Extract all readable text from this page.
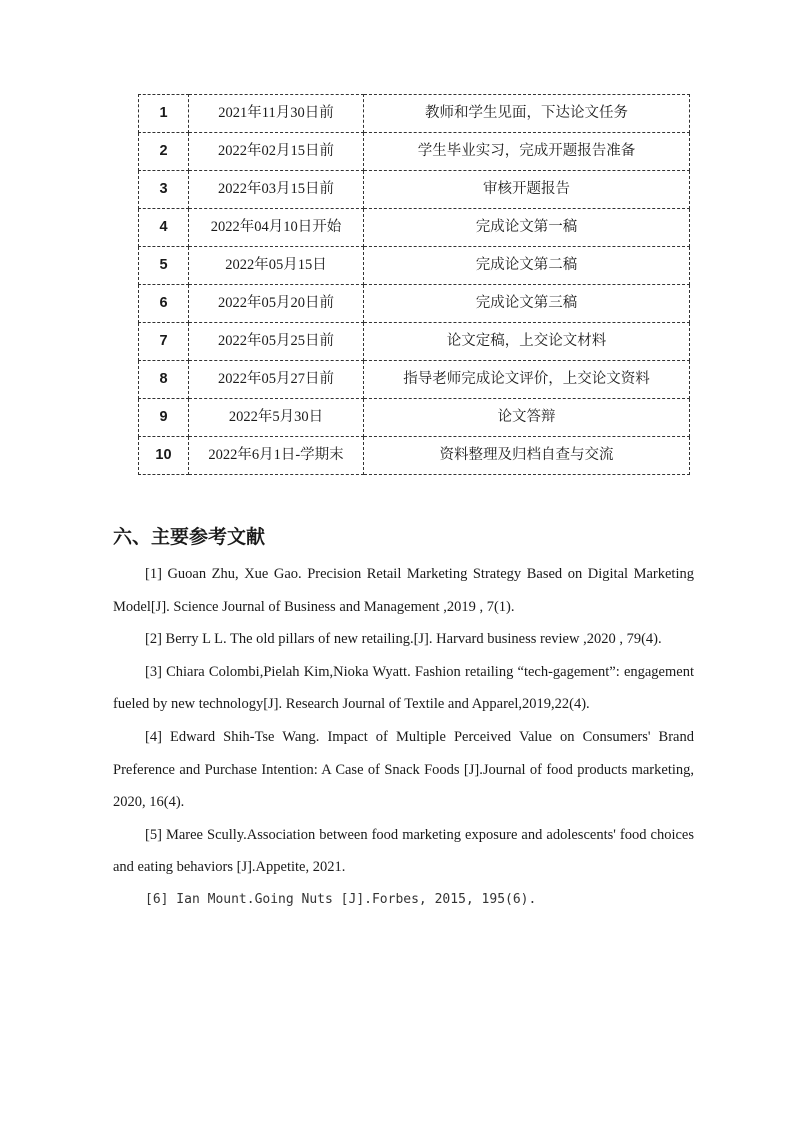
1	2021年11月30日前	教师和学生见面，下达论文任务
2	2022年02月15日前	学生毕业实习，完成开题报告准备
3	2022年03月15日前	审核开题报告
4	2022年04月10日开始	完成论文第一稿
5	2022年05月15日	完成论文第二稿
6	2022年05月20日前	完成论文第三稿
7	2022年05月25日前	论文定稿，上交论文材料
8	2022年05月27日前	指导老师完成论文评价，上交论文资料
9	2022年5月30日	论文答辩
10	2022年6月1日-学期末	资料整理及归档自查与交流
六、主要参考文献

[1] Guoan Zhu, Xue Gao. Precision Retail Marketing Strategy Based on Digital Marketing Model[J]. Science Journal of Business and Management ,2019 , 7(1).

[2] Berry L L. The old pillars of new retailing.[J]. Harvard business review ,2020 , 79(4).

[3] Chiara Colombi,Pielah Kim,Nioka Wyatt. Fashion retailing “tech-gagement”: engagement fueled by new technology[J]. Research Journal of Textile and Apparel,2019,22(4).

[4] Edward Shih-Tse Wang. Impact of Multiple Perceived Value on Consumers' Brand Preference and Purchase Intention: A Case of Snack Foods [J].Journal of food products marketing, 2020, 16(4).

[5] Maree Scully.Association between food marketing exposure and adolescents' food choices and eating behaviors [J].Appetite, 2021.

[6] Ian Mount.Going Nuts [J].Forbes, 2015, 195(6).
